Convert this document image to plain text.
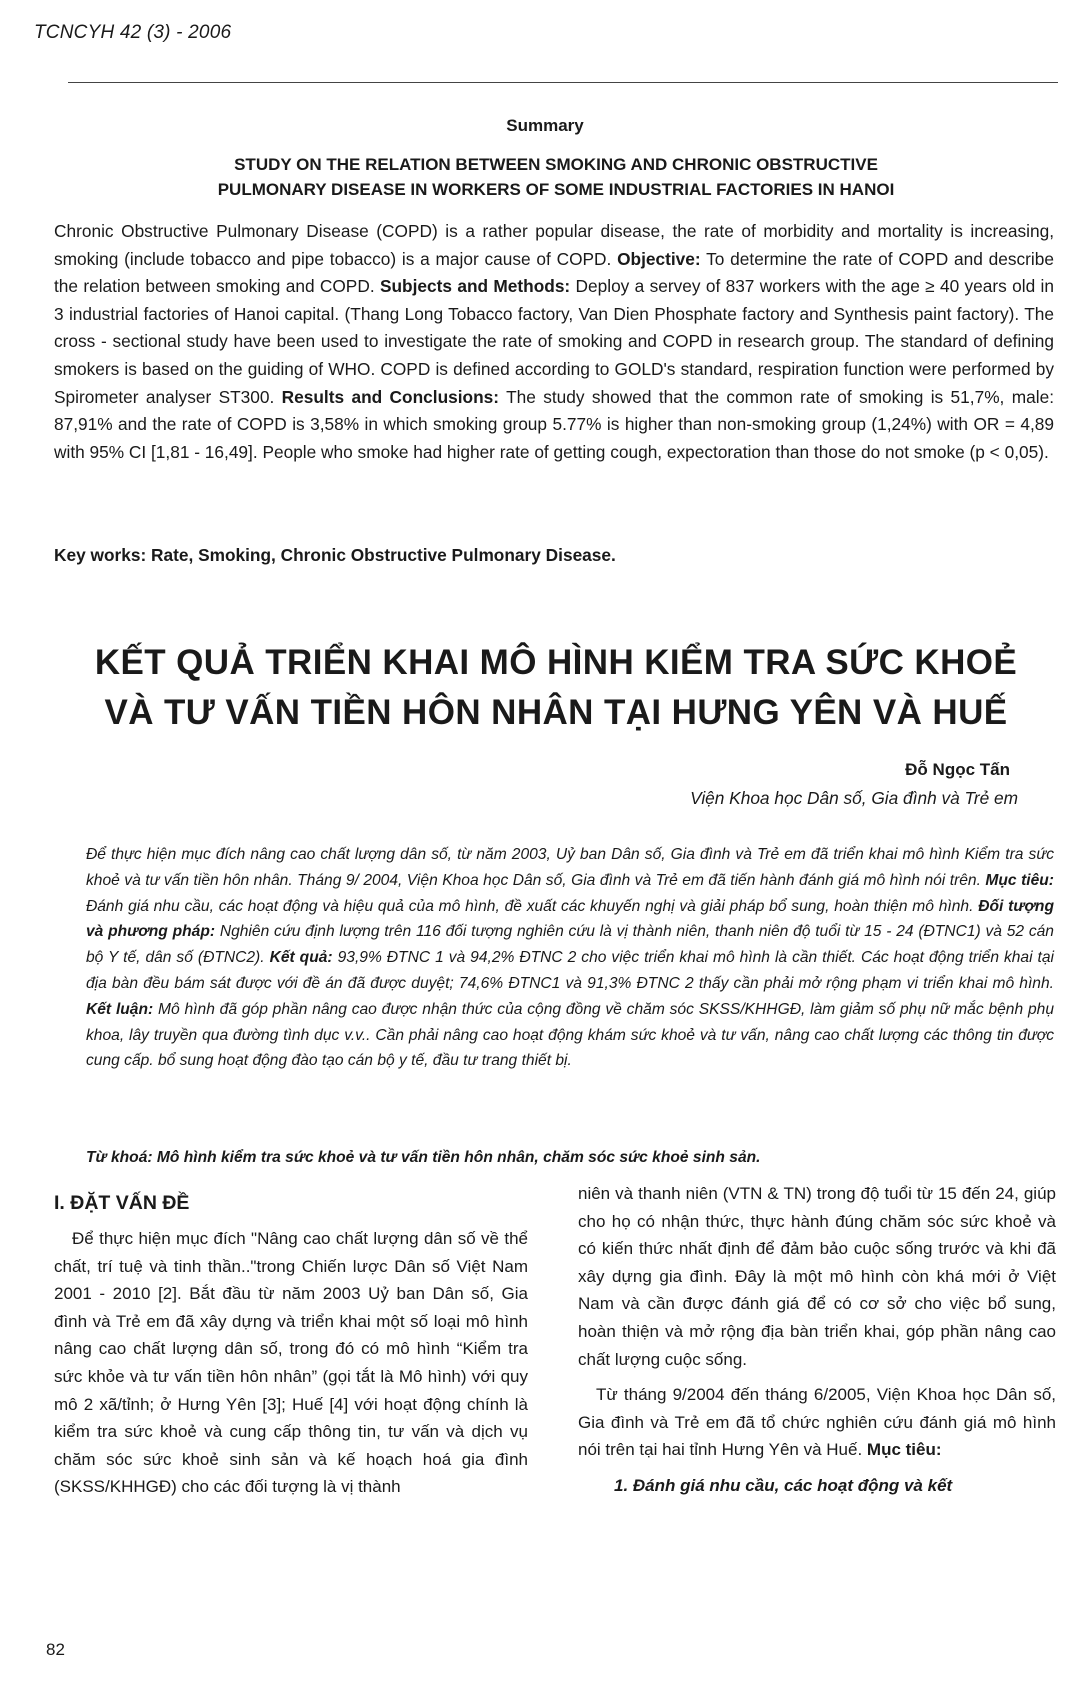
TCNCYH 42 (3) - 2006
Summary
STUDY ON THE RELATION BETWEEN SMOKING AND CHRONIC OBSTRUCTIVE
PULMONARY DISEASE IN WORKERS OF SOME INDUSTRIAL FACTORIES IN HANOI
Chronic Obstructive Pulmonary Disease (COPD) is a rather popular disease, the rate of morbidity and mortality is increasing, smoking (include tobacco and pipe tobacco) is a major cause of COPD. Objective: To determine the rate of COPD and describe the relation between smoking and COPD. Subjects and Methods: Deploy a servey of 837 workers with the age ≥ 40 years old in 3 industrial factories of Hanoi capital. (Thang Long Tobacco factory, Van Dien Phosphate factory and Synthesis paint factory). The cross - sectional study have been used to investigate the rate of smoking and COPD in research group. The standard of defining smokers is based on the guiding of WHO. COPD is defined according to GOLD's standard, respiration function were performed by Spirometer analyser ST300. Results and Conclusions: The study showed that the common rate of smoking is 51,7%, male: 87,91% and the rate of COPD is 3,58% in which smoking group 5.77% is higher than non-smoking group (1,24%) with OR = 4,89 with 95% CI [1,81 - 16,49]. People who smoke had higher rate of getting cough, expectoration than those do not smoke (p < 0,05).
Key works: Rate, Smoking, Chronic Obstructive Pulmonary Disease.
KẾT QUẢ TRIỂN KHAI MÔ HÌNH KIỂM TRA SỨC KHOẺ
VÀ TƯ VẤN TIỀN HÔN NHÂN TẠI HƯNG YÊN VÀ HUẾ
Đỗ Ngọc Tấn
Viện Khoa học Dân số, Gia đình và Trẻ em
Để thực hiện mục đích nâng cao chất lượng dân số, từ năm 2003, Uỷ ban Dân số, Gia đình và Trẻ em đã triển khai mô hình Kiểm tra sức khoẻ và tư vấn tiền hôn nhân. Tháng 9/ 2004, Viện Khoa học Dân số, Gia đình và Trẻ em đã tiến hành đánh giá mô hình nói trên. Mục tiêu: Đánh giá nhu cầu, các hoạt động và hiệu quả của mô hình, đề xuất các khuyến nghị và giải pháp bổ sung, hoàn thiện mô hình. Đối tượng và phương pháp: Nghiên cứu định lượng trên 116 đối tượng nghiên cứu là vị thành niên, thanh niên độ tuổi từ 15 - 24 (ĐTNC1) và 52 cán bộ Y tế, dân số (ĐTNC2). Kết quả: 93,9% ĐTNC 1 và 94,2% ĐTNC 2 cho việc triển khai mô hình là cần thiết. Các hoạt động triển khai tại địa bàn đều bám sát được với đề án đã được duyệt; 74,6% ĐTNC1 và 91,3% ĐTNC 2 thấy cần phải mở rộng phạm vi triển khai mô hình. Kết luận: Mô hình đã góp phần nâng cao được nhận thức của cộng đồng về chăm sóc SKSS/KHHGĐ, làm giảm số phụ nữ mắc bệnh phụ khoa, lây truyền qua đường tình dục v.v.. Cần phải nâng cao hoạt động khám sức khoẻ và tư vấn, nâng cao chất lượng các thông tin được cung cấp. bổ sung hoạt động đào tạo cán bộ y tế, đầu tư trang thiết bị.
Từ khoá: Mô hình kiểm tra sức khoẻ và tư vấn tiền hôn nhân, chăm sóc sức khoẻ sinh sản.
I. ĐẶT VẤN ĐỀ

Để thực hiện mục đích "Nâng cao chất lượng dân số về thể chất, trí tuệ và tinh thần.."trong Chiến lược Dân số Việt Nam 2001 - 2010 [2]. Bắt đầu từ năm 2003 Uỷ ban Dân số, Gia đình và Trẻ em đã xây dựng và triển khai một số loại mô hình nâng cao chất lượng dân số, trong đó có mô hình “Kiểm tra sức khỏe và tư vấn tiền hôn nhân” (gọi tắt là Mô hình) với quy mô 2 xã/tỉnh; ở Hưng Yên [3]; Huế [4] với hoạt động chính là kiểm tra sức khoẻ và cung cấp thông tin, tư vấn và dịch vụ chăm sóc sức khoẻ sinh sản và kế hoạch hoá gia đình (SKSS/KHHGĐ) cho các đối tượng là vị thành

niên và thanh niên (VTN & TN) trong độ tuổi từ 15 đến 24, giúp cho họ có nhận thức, thực hành đúng chăm sóc sức khoẻ và có kiến thức nhất định để đảm bảo cuộc sống trước và khi đã xây dựng gia đình. Đây là một mô hình còn khá mới ở Việt Nam và cần được đánh giá để có cơ sở cho việc bổ sung, hoàn thiện và mở rộng địa bàn triển khai, góp phần nâng cao chất lượng cuộc sống.

Từ tháng 9/2004 đến tháng 6/2005, Viện Khoa học Dân số, Gia đình và Trẻ em đã tổ chức nghiên cứu đánh giá mô hình nói trên tại hai tỉnh Hưng Yên và Huế. Mục tiêu:

1. Đánh giá nhu cầu, các hoạt động và kết
82
